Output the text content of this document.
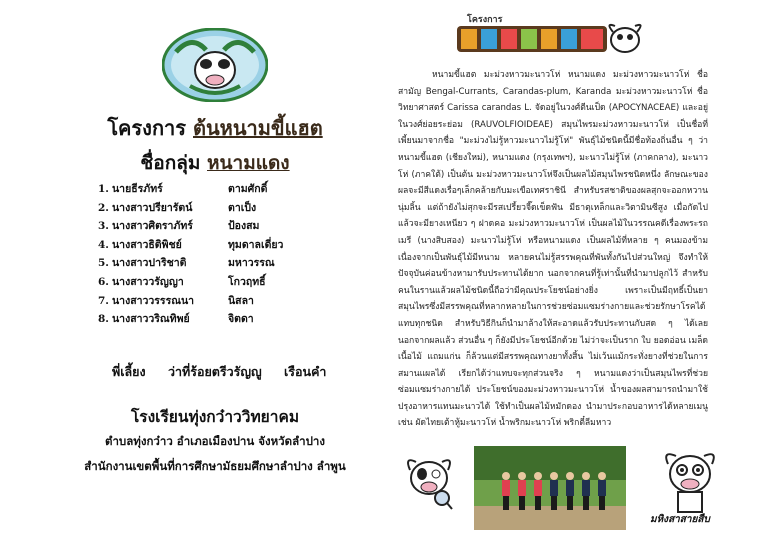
โครงการ ต้นหนามขี้แฮต
ชื่อกลุ่ม หนามแดง
1. นายธีรภัทร์	ตามศักดิ์
2. นางสาวปรียารัตน์	ตาเป็ง
3. นางสาวศิตราภัทร์	ป้องสม
4. นางสาวธิติพิชย์	ทุมดาลเดี่ยว
5. นางสาวปาริชาติ	มหาวรรณ
6. นางสาววรัญญา	โกวฤทธิ์
7. นางสาววรรรณนา	นิสลา
8. นางสาววริณทิพย์	จิตดา
พี่เลี้ยง ว่าที่ร้อยตรีวรัญญู เรือนคำ
โรงเรียนทุ่งกว๋าววิทยาคม
ตำบลทุ่งกว๋าว อำเภอเมืองปาน จังหวัดลำปาง
สำนักงานเขตพื้นที่การศึกษามัธยมศึกษาลำปาง ลำพูน
โครงการ
หนามขี้แฮต มะม่วงหาวมะนาวโห่ หนามแดง มะม่วงหาวมะนาวโห่ ชื่อสามัญ Bengal-Currants, Carandas-plum, Karanda มะม่วงหาวมะนาวโห่ ชื่อวิทยาศาสตร์ Carissa carandas L. จัดอยู่ในวงศ์ตีนเป็ด (APOCYNACEAE) และอยู่ในวงศ์ย่อยระย่อม (RAUVOLFIOIDEAE) สมุนไพรมะม่วงหาวมะนาวโห่ เป็นชื่อที่เพี้ยนมาจากชื่อ "มะม่วงไม่รู้หาวมะนาวไม่รู้โห่" พันธุ์ไม้ชนิดนี้มีชื่อท้องถิ่นอื่น ๆ ว่า หนามขี้แฮด (เชียงใหม่), หนามแดง (กรุงเทพฯ), มะนาวไม่รู้โห่ (ภาคกลาง), มะนาวโห่ (ภาคใต้) เป็นต้น มะม่วงหาวมะนาวโห่จึงเป็นผลไม้สมุนไพรชนิดหนึ่ง ลักษณะของผลจะมีสีแดงเรื่อๆเล็กคล้ายกับมะเขือเทศราชินี สำหรับรสชาติของผลสุกจะออกหวานนุ่มลิ้น แต่ถ้ายังไม่สุกจะมีรสเปรี้ยวจี๊ดเข็ดฟัน มีธาตุเหล็กและวิตามินซีสูง เมื่อกัดไปแล้วจะมียางเหนียว ๆ ฝาดคอ มะม่วงหาวมะนาวโห่ เป็นผลไม้ในวรรณคดีเรื่องพระรถเมรี (นางสิบสอง) มะนาวไม่รู้โห่ หรือหนามแดง เป็นผลไม้ที่หลาย ๆ คนมองข้าม เนื่องจากเป็นพันธุ์ไม้มีหนาม หลายคนไม่รู้สรรพคุณที่พันทั้งกันไปส่วนใหญ่ จึงทำให้ปัจจุบันค่อนข้างหามารับประทานได้ยาก นอกจากคนที่รู้เท่านั้นที่นำมาปลูกไว้ สำหรับคนในรานแล้วผลไม้ชนิดนี้ถือว่ามีคุณประโยชน์อย่างยิ่ง เพราะเป็นมีฤทธิ์เป็นยาสมุนไพรซึ่งมีสรรพคุณที่หลากหลายในการช่วยซ่อมแซมร่างกายและช่วยรักษาโรคได้แทบทุกชนิด สำหรับวิธีกินก็นำมาล้างให้สะอาดแล้วรับประทานกับสด ๆ ได้เลย นอกจากผลแล้ว ส่วนอื่น ๆ ก็ยังมีประโยชน์อีกด้วย ไม่ว่าจะเป็นราก ใบ ยอดอ่อน เมล็ด เนื้อไม้ แถมแก่น ก็ล้วนแต่มีสรรพคุณทางยาทั้งสิ้น ไม่เว้นแม้กระทั่งยางที่ช่วยในการสมานแผลได้ เรียกได้ว่าแทบจะทุกส่วนจริง ๆ หนามแดงว่าเป็นสมุนไพรที่ช่วยซ่อมแซมร่างกายได้ ประโยชน์ของมะม่วงหาวมะนาวโห่ น้ำของผลสามารถนำมาใช้ปรุงอาหารแทนมะนาวได้ ใช้ทำเป็นผลไม้หมักดอง นำมาประกอบอาหารได้หลายเมนู เช่น ผัดไทยเต้าหู้มะนาวโห่ น้ำพริกมะนาวโห่ พริกตี๋ลีมหาว
มหิงสาสายสืบ
